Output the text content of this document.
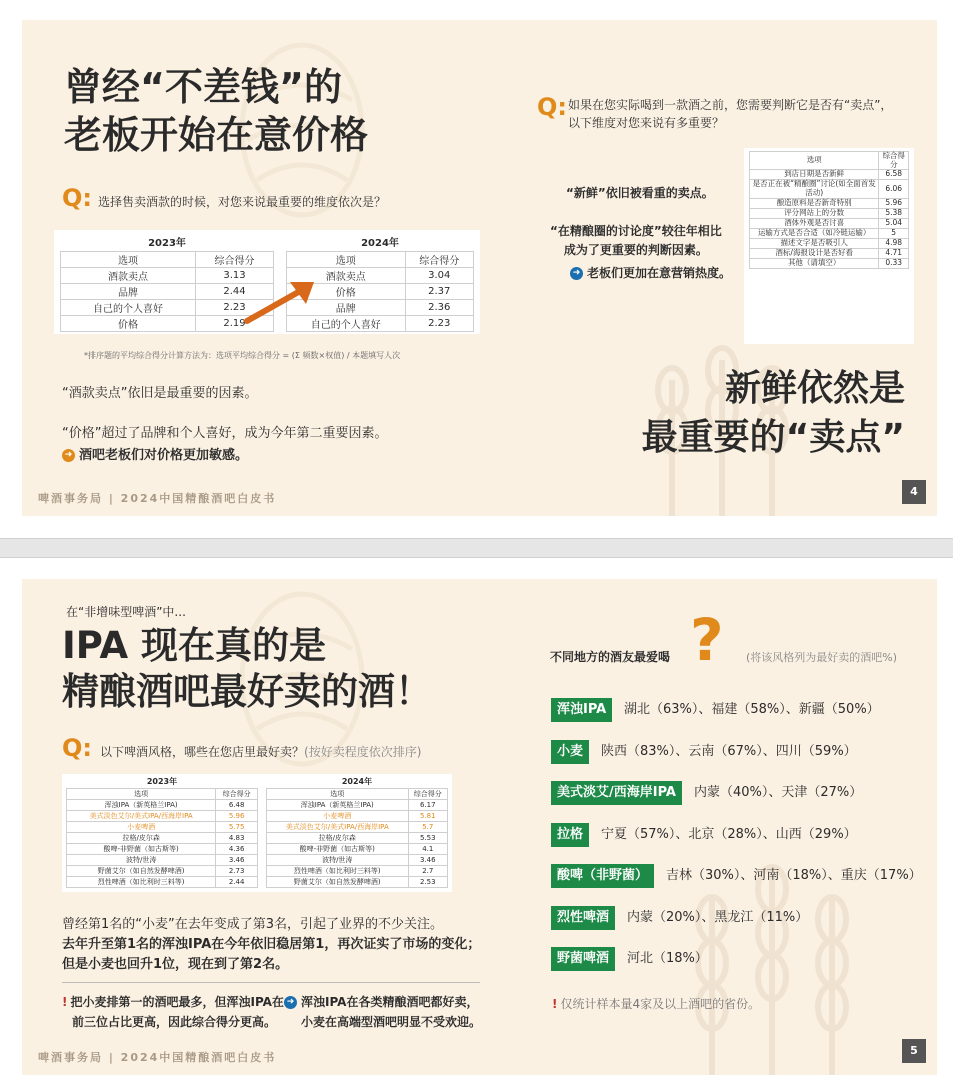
曾经“不差钱”的
老板开始在意价格
Q: 选择售卖酒款的时候，对您来说最重要的维度依次是？
2023年
选项	综合得分
酒款卖点	3.13
品牌	2.44
自己的个人喜好	2.23
价格	2.19
2024年
选项	综合得分
酒款卖点	3.04
价格	2.37
品牌	2.36
自己的个人喜好	2.23
*排序题的平均综合得分计算方法为：选项平均综合得分 = (Σ 频数×权值) / 本题填写人次
“酒款卖点”依旧是最重要的因素。
“价格”超过了品牌和个人喜好，成为今年第二重要因素。
➜ 酒吧老板们对价格更加敏感。
Q: 如果在您实际喝到一款酒之前，您需要判断它是否有“卖点”，
以下维度对您来说有多重要？
选项	综合得分
到店日期是否新鲜	6.58
是否正在被“精酿圈”讨论(如全面首发活动)	6.06
酿造原料是否新奇特别	5.96
评分网站上的分数	5.38
酒体外观是否讨喜	5.04
运输方式是否合适（如冷链运输）	5
描述文字是否吸引人	4.98
酒标/海报设计是否好看	4.71
其他（请填空）	0.33
“新鲜”依旧被看重的卖点。
“在精酿圈的讨论度”较往年相比
成为了更重要的判断因素。
➜ 老板们更加在意营销热度。
新鲜依然是
最重要的“卖点”
啤酒事务局 | 2024中国精酿酒吧白皮书
4
在“非增味型啤酒”中...
IPA 现在真的是
精酿酒吧最好卖的酒！
Q: 以下啤酒风格，哪些在您店里最好卖？(按好卖程度依次排序)
2023年
选项	综合得分
浑浊IPA（新英格兰IPA)	6.48
美式淡色艾尔/美式IPA/西海岸IPA	5.96
小麦啤酒	5.75
拉格/皮尔森	4.83
酸啤-非野菌（如古斯等)	4.36
波特/世涛	3.46
野菌艾尔（如自然发酵啤酒)	2.73
烈性啤酒（如比利时三料等)	2.44
2024年
选项	综合得分
浑浊IPA（新英格兰IPA)	6.17
小麦啤酒	5.81
美式淡色艾尔/美式IPA/西海岸IPA	5.7
拉格/皮尔森	5.53
酸啤-非野菌（如古斯等)	4.1
波特/世涛	3.46
烈性啤酒（如比利时三料等)	2.7
野菌艾尔（如自然发酵啤酒)	2.53
曾经第1名的“小麦”在去年变成了第3名，引起了业界的不少关注。
去年升至第1名的浑浊IPA在今年依旧稳居第1，再次证实了市场的变化；
但是小麦也回升1位，现在到了第2名。
! 把小麦排第一的酒吧最多，但浑浊IPA在
前三位占比更高，因此综合得分更高。
➜ 浑浊IPA在各类精酿酒吧都好卖，
小麦在高端型酒吧明显不受欢迎。
不同地方的酒友最爱喝 ? (将该风格列为最好卖的酒吧%)
浑浊IPA	湖北（63%）、福建（58%）、新疆（50%）
小麦	陕西（83%）、云南（67%）、四川（59%）
美式淡艾/西海岸IPA	内蒙（40%）、天津（27%）
拉格	宁夏（57%）、北京（28%）、山西（29%）
酸啤（非野菌）	吉林（30%）、河南（18%）、重庆（17%）
烈性啤酒	内蒙（20%）、黑龙江（11%）
野菌啤酒	河北（18%）
! 仅统计样本量4家及以上酒吧的省份。
啤酒事务局 | 2024中国精酿酒吧白皮书
5
